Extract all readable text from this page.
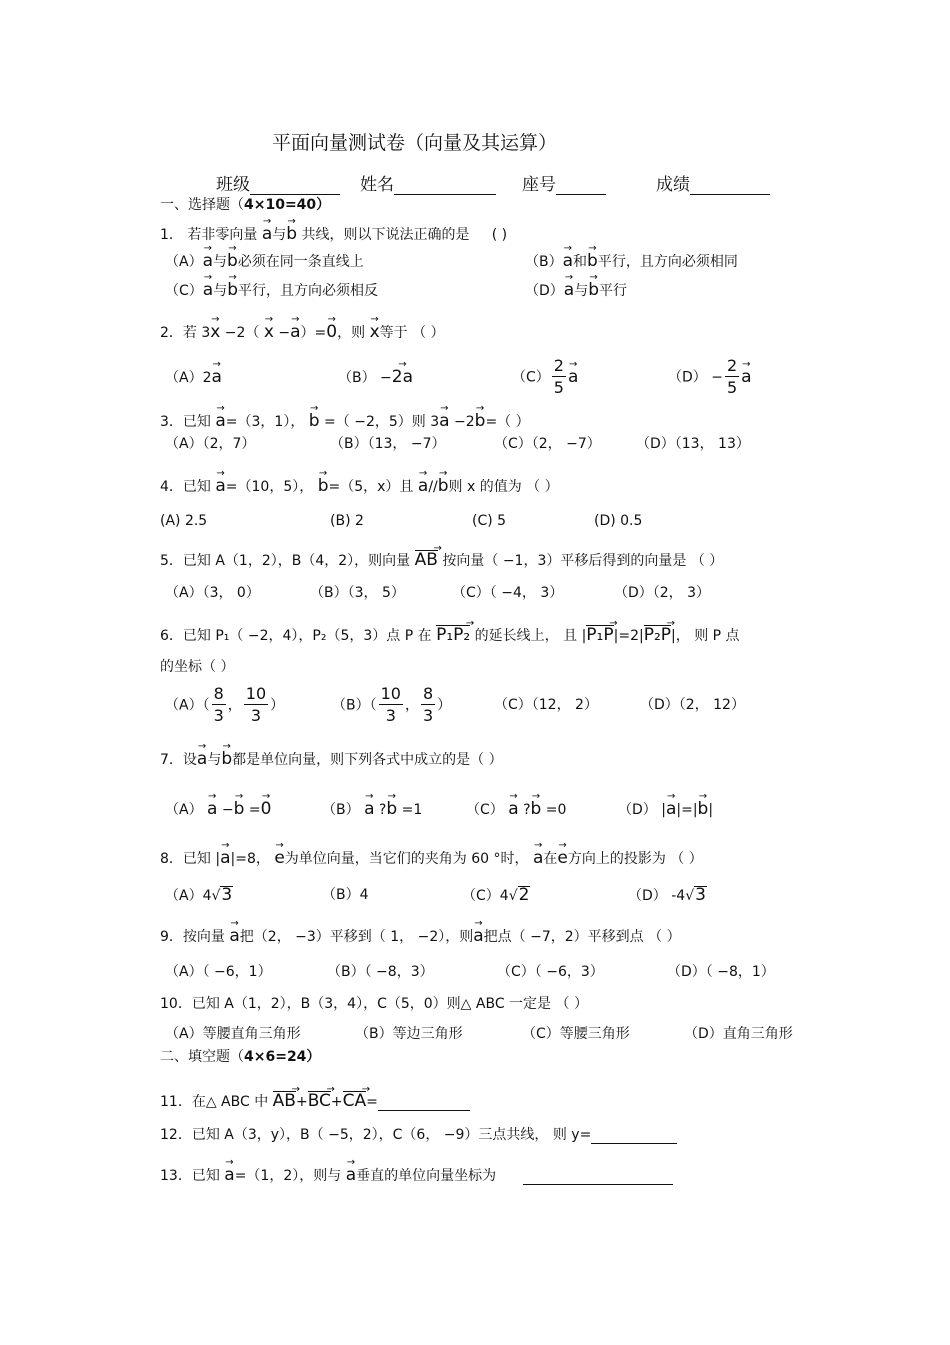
平面向量测试卷（向量及其运算）
班级	姓名	座号	成绩
一、选择题（4×10=40）
1． 若非零向量 → a与→ b 共线，则以下说法正确的是 ( )
（A）→ a与→ b必须在同一条直线上	（B）→ a和→ b平行，且方向必须相同
（C）→ a与→ b平行，且方向必须相反	（D）→ a与→ b平行
2．若 3→ x −2（ → x −→ a）=→ 0，则 → x等于 （ ）
（A）2→ a	（B） −→ 2a	$(C) \frac{2}{5}$
→ a	$(D) - \frac{2}{5}$
→ a
3．已知 → a=（3，1）， → b =（ −2，5）则 3→ a −2→ b=（ ）
（A）（2，7）	（B）（13， −7）	（C）（2， −7）	（D）（13， 13）
4．已知 → a=（10，5）， → b=（5，x）且 → a//→ b则 x 的值为 （ ）
(A) 2.5	(B) 2	(C) 5	(D) 0.5
5．已知 A（1，2），B（4，2），则向量 AB → 按向量（ −1，3）平移后得到的向量是 （ ）
（A）（3， 0）	（B）（3， 5）	（C）（ −4， 3）	（D）（2， 3）
6．已知 P₁（ −2，4），P₂（5，3）点 P 在 P₁P₂ → 的延长线上， 且 |P₁P →|=2|P₂P →|， 则 P 点
的坐标（ ）
$(A)( \frac{8}{3}$ ， $\frac{10}{3}$ ）	$(B)( \frac{10}{3}$ ， $\frac{8}{3}$ ）	（C）（12， 2）	（D）（2， 12）
7．设→ a与→ b都是单位向量，则下列各式中成立的是（ ）
（A） → a −→ b =→ 0	（B） → a ?→ b =1	（C） → a ?→ b =0	（D） |→ a|=|→ b|
8．已知 |→ a|=8， → e为单位向量，当它们的夹角为 60 °时， → a在→ e方向上的投影为 （ ）
（A）4√3	（B）4	（C）4√2	（D） -4√3
9．按向量 → a把（2， −3）平移到（ 1， −2），则→ a把点（ −7，2）平移到点 （ ）
（A）（ −6，1）	（B）（ −8，3）	（C）（ −6，3）	（D）（ −8，1）
10．已知 A（1，2），B（3，4），C（5，0）则△ ABC 一定是 （ ）
（A）等腰直角三角形	（B）等边三角形	（C）等腰三角形	（D）直角三角形
二、填空题（4×6=24）
11．在△ ABC 中 AB →+BC →+CA →=
12．已知 A（3，y），B（ −5，2），C（6， −9）三点共线， 则 y=
13．已知 → a=（1，2），则与 → a垂直的单位向量坐标为
